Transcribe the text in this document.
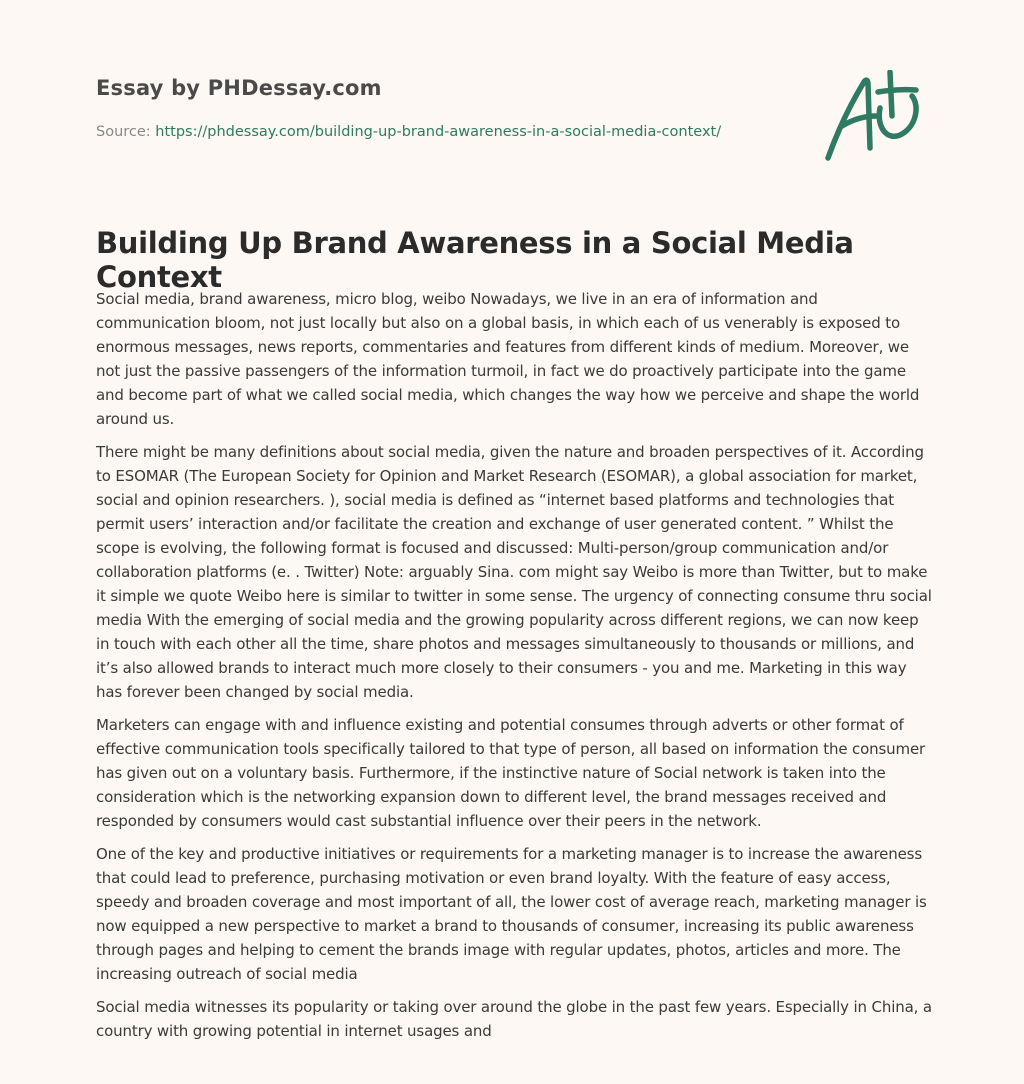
Essay by PHDessay.com
Source: https://phdessay.com/building-up-brand-awareness-in-a-social-media-context/
Building Up Brand Awareness in a Social Media Context

Social media, brand awareness, micro blog, weibo Nowadays, we live in an era of information and communication bloom, not just locally but also on a global basis, in which each of us venerably is exposed to enormous messages, news reports, commentaries and features from different kinds of medium. Moreover, we not just the passive passengers of the information turmoil, in fact we do proactively participate into the game and become part of what we called social media, which changes the way how we perceive and shape the world around us.

There might be many definitions about social media, given the nature and broaden perspectives of it. According to ESOMAR (The European Society for Opinion and Market Research (ESOMAR), a global association for market, social and opinion researchers. ), social media is defined as “internet based platforms and technologies that permit users’ interaction and/or facilitate the creation and exchange of user generated content. ” Whilst the scope is evolving, the following format is focused and discussed: Multi-person/group communication and/or collaboration platforms (e. . Twitter) Note: arguably Sina. com might say Weibo is more than Twitter, but to make it simple we quote Weibo here is similar to twitter in some sense. The urgency of connecting consume thru social media With the emerging of social media and the growing popularity across different regions, we can now keep in touch with each other all the time, share photos and messages simultaneously to thousands or millions, and it’s also allowed brands to interact much more closely to their consumers - you and me. Marketing in this way has forever been changed by social media.

Marketers can engage with and influence existing and potential consumes through adverts or other format of effective communication tools specifically tailored to that type of person, all based on information the consumer has given out on a voluntary basis. Furthermore, if the instinctive nature of Social network is taken into the consideration which is the networking expansion down to different level, the brand messages received and responded by consumers would cast substantial influence over their peers in the network.

One of the key and productive initiatives or requirements for a marketing manager is to increase the awareness that could lead to preference, purchasing motivation or even brand loyalty. With the feature of easy access, speedy and broaden coverage and most important of all, the lower cost of average reach, marketing manager is now equipped a new perspective to market a brand to thousands of consumer, increasing its public awareness through pages and helping to cement the brands image with regular updates, photos, articles and more. The increasing outreach of social media

Social media witnesses its popularity or taking over around the globe in the past few years. Especially in China, a country with growing potential in internet usages and
